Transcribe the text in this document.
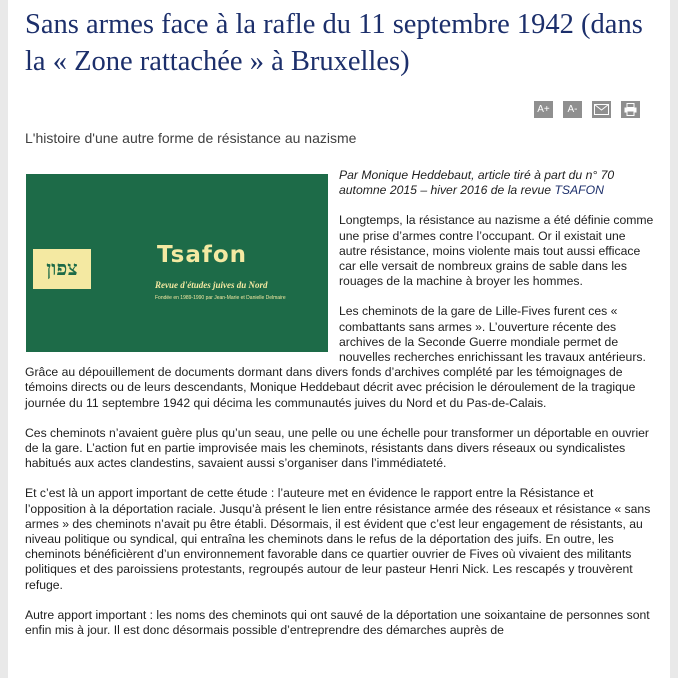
Sans armes face à la rafle du 11 septembre 1942 (dans la « Zone rattachée » à Bruxelles)
A+ A-

L'histoire d'une autre forme de résistance au nazisme

צפון
Tsafon
Revue d'études juives du Nord
Fondée en 1989-1990 par Jean-Marie et Danielle Delmaire

Par Monique Heddebaut, article tiré à part du n° 70 automne 2015 – hiver 2016 de la revue TSAFON

Longtemps, la résistance au nazisme a été définie comme une prise d’armes contre l’occupant. Or il existait une autre résistance, moins violente mais tout aussi efficace car elle versait de nombreux grains de sable dans les rouages de la machine à broyer les hommes.

Les cheminots de la gare de Lille-Fives furent ces « combattants sans armes ». L’ouverture récente des archives de la Seconde Guerre mondiale permet de nouvelles recherches enrichissant les travaux antérieurs. Grâce au dépouillement de documents dormant dans divers fonds d’archives complété par les témoignages de témoins directs ou de leurs descendants, Monique Heddebaut décrit avec précision le déroulement de la tragique journée du 11 septembre 1942 qui décima les communautés juives du Nord et du Pas-de-Calais.

Ces cheminots n’avaient guère plus qu’un seau, une pelle ou une échelle pour transformer un déportable en ouvrier de la gare. L’action fut en partie improvisée mais les cheminots, résistants dans divers réseaux ou syndicalistes habitués aux actes clandestins, savaient aussi s’organiser dans l’immédiateté.

Et c’est là un apport important de cette étude : l’auteure met en évidence le rapport entre la Résistance et l’opposition à la déportation raciale. Jusqu’à présent le lien entre résistance armée des réseaux et résistance « sans armes » des cheminots n’avait pu être établi. Désormais, il est évident que c’est leur engagement de résistants, au niveau politique ou syndical, qui entraîna les cheminots dans le refus de la déportation des juifs. En outre, les cheminots bénéficièrent d’un environnement favorable dans ce quartier ouvrier de Fives où vivaient des militants politiques et des paroissiens protestants, regroupés autour de leur pasteur Henri Nick. Les rescapés y trouvèrent refuge.

Autre apport important : les noms des cheminots qui ont sauvé de la déportation une soixantaine de personnes sont enfin mis à jour. Il est donc désormais possible d’entreprendre des démarches auprès de
